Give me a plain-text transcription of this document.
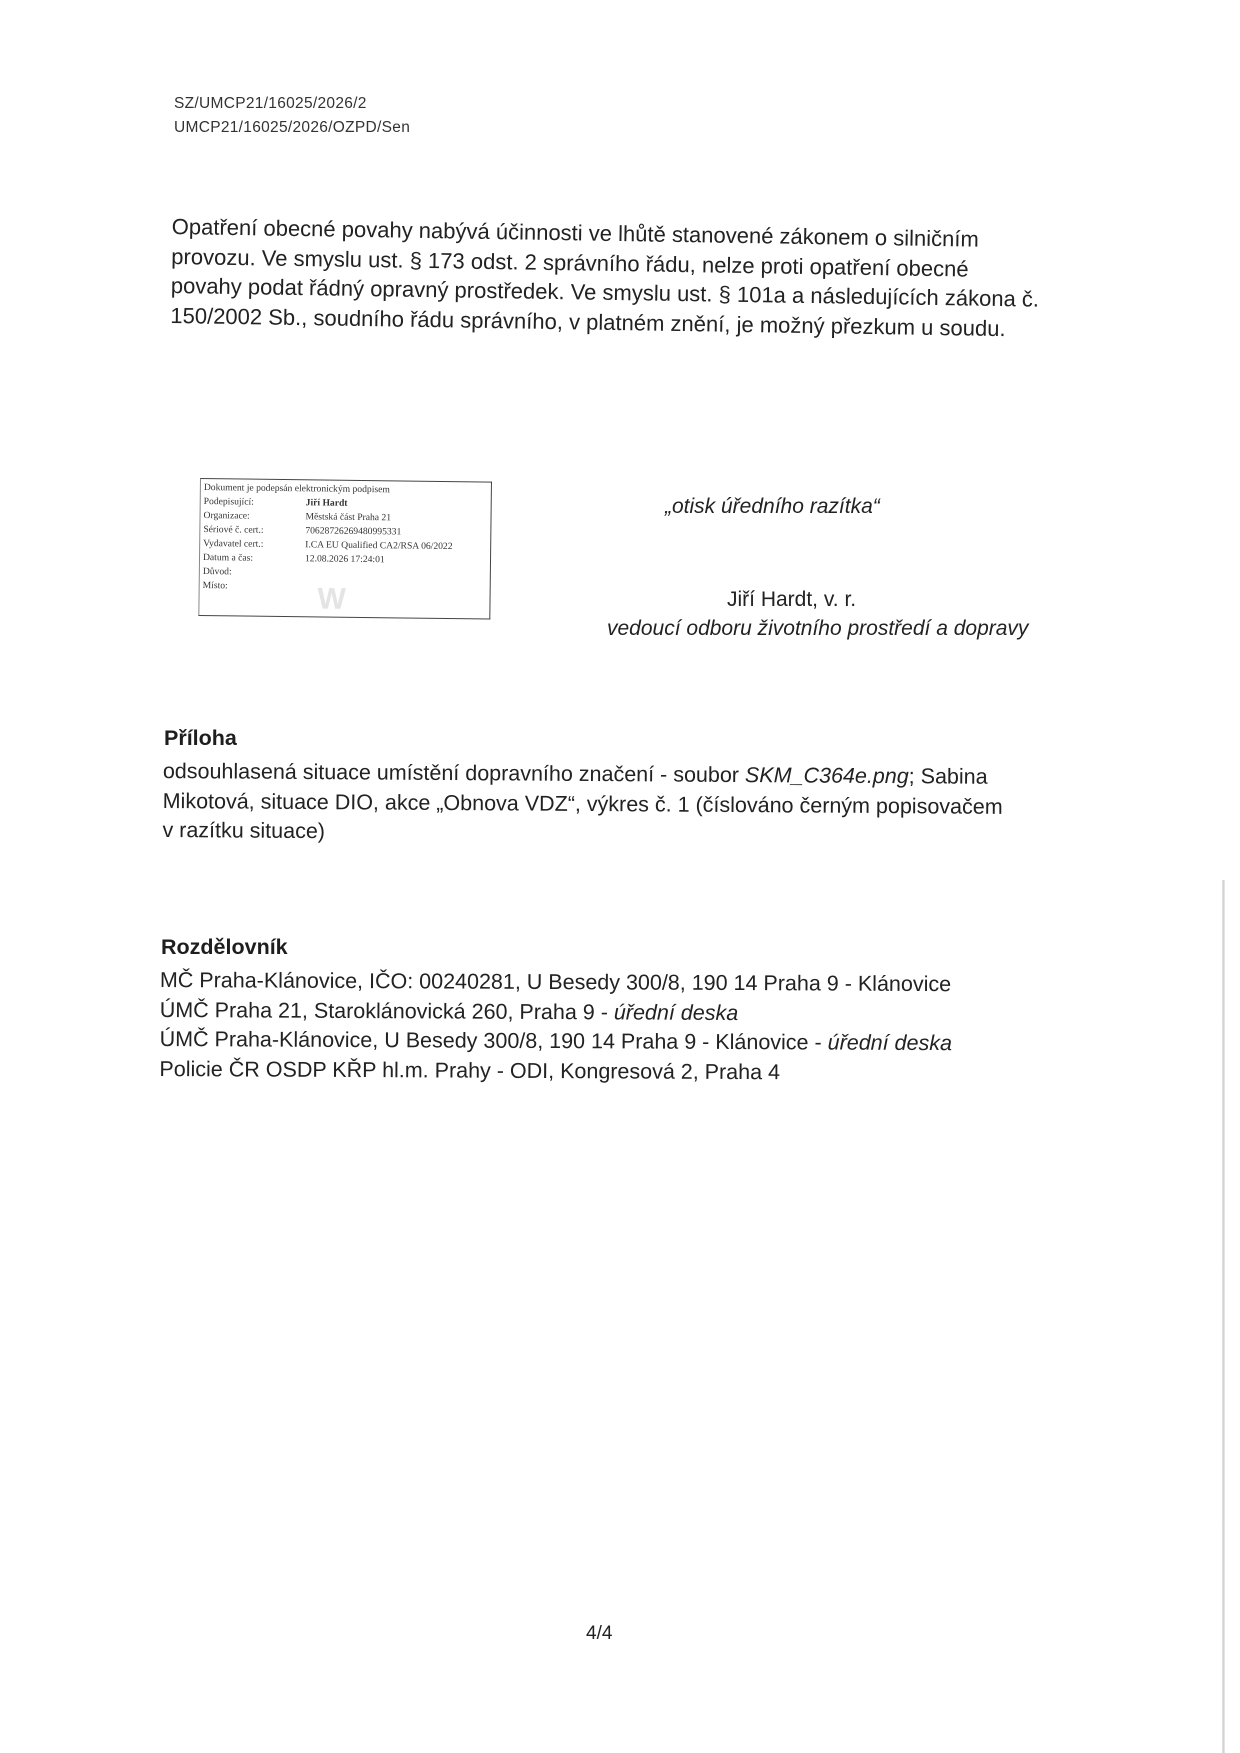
SZ/UMCP21/16025/2026/2
UMCP21/16025/2026/OZPD/Sen
Opatření obecné povahy nabývá účinnosti ve lhůtě stanovené zákonem o silničním
provozu. Ve smyslu ust. § 173 odst. 2 správního řádu, nelze proti opatření obecné
povahy podat řádný opravný prostředek. Ve smyslu ust. § 101a a následujících zákona č.
150/2002 Sb., soudního řádu správního, v platném znění, je možný přezkum u soudu.
Dokument je podepsán elektronickým podpisem
Podepisující:	Jiří Hardt
Organizace:	Městská část Praha 21
Sériové č. cert.:	70628726269480995331
Vydavatel cert.:	I.CA EU Qualified CA2/RSA 06/2022
Datum a čas:	12.08.2026 17:24:01
Důvod:
Místo:	W
„otisk úředního razítka“
Jiří Hardt, v. r.
vedoucí odboru životního prostředí a dopravy
Příloha
odsouhlasená situace umístění dopravního značení - soubor SKM_C364e.png; Sabina
Mikotová, situace DIO, akce „Obnova VDZ“, výkres č. 1 (číslováno černým popisovačem
v razítku situace)
Rozdělovník
MČ Praha-Klánovice, IČO: 00240281, U Besedy 300/8, 190 14 Praha 9 - Klánovice
ÚMČ Praha 21, Staroklánovická 260, Praha 9 - úřední deska
ÚMČ Praha-Klánovice, U Besedy 300/8, 190 14 Praha 9 - Klánovice - úřední deska
Policie ČR OSDP KŘP hl.m. Prahy - ODI, Kongresová 2, Praha 4
4/4
